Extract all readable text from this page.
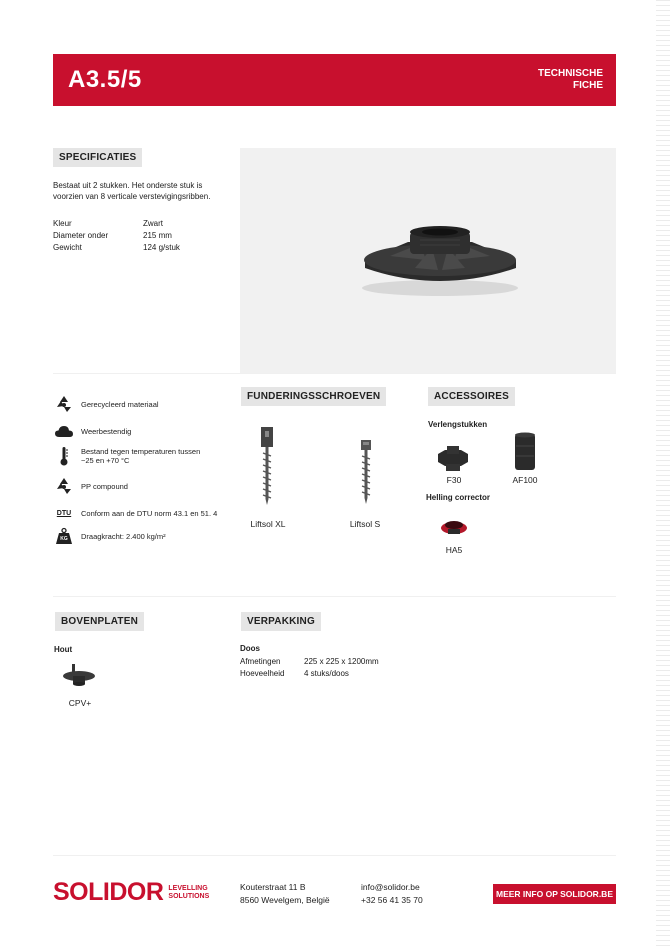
A3.5/5	TECHNISCHE
FICHE
SPECIFICATIES
Bestaat uit 2 stukken. Het onderste stuk is voorzien van 8 verticale verstevigingsribben.
Kleur	Zwart
Diameter onder	215 mm
Gewicht	124 g/stuk
Gerecycleerd materiaal
Weerbestendig
Bestand tegen temperaturen tussen −25 en +70 °C
PP compound
DTU	Conform aan de DTU norm 43.1 en 51. 4
KG	Draagkracht: 2.400 kg/m²
FUNDERINGSSCHROEVEN
Liftsol XL	Liftsol S
ACCESSOIRES
Verlengstukken
F30	AF100
Helling corrector
HA5
BOVENPLATEN
Hout
CPV+
VERPAKKING
Doos
Afmetingen	225 x 225 x 1200mm
Hoeveelheid	4 stuks/doos
SOLIDOR LEVELLING
SOLUTIONS
Kouterstraat 11 B
8560 Wevelgem, België
info@solidor.be
+32 56 41 35 70
MEER INFO OP SOLIDOR.BE
